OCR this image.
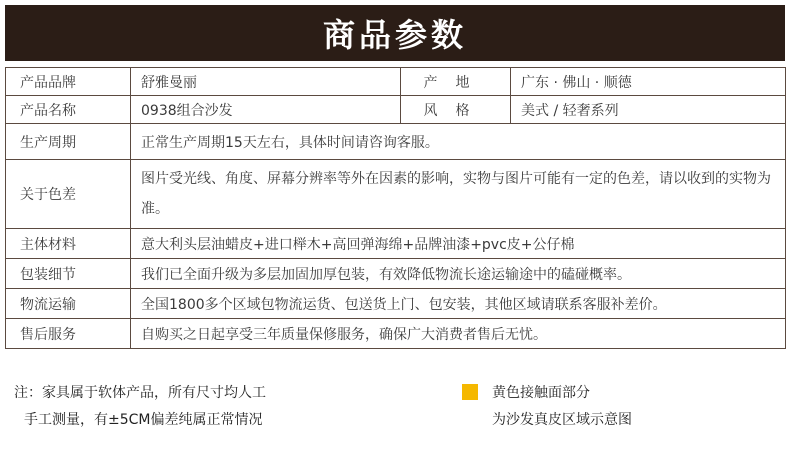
商品参数
产品品牌	舒雅曼丽	产地	广东 · 佛山 · 顺德
产品名称	0938组合沙发	风格	美式 / 轻奢系列
生产周期	正常生产周期15天左右，具体时间请咨询客服。		
关于色差	图片受光线、角度、屏幕分辨率等外在因素的影响，实物与图片可能有一定的色差，请以收到的实物为准。		
主体材料	意大利头层油蜡皮+进口榉木+高回弹海绵+品牌油漆+pvc皮+公仔棉		
包装细节	我们已全面升级为多层加固加厚包装，有效降低物流长途运输途中的磕碰概率。		
物流运输	全国1800多个区域包物流运货、包送货上门、包安装，其他区域请联系客服补差价。		
售后服务	自购买之日起享受三年质量保修服务，确保广大消费者售后无忧。		
注：家具属于软体产品，所有尺寸均人工
手工测量，有±5CM偏差纯属正常情况
黄色接触面部分
为沙发真皮区域示意图
